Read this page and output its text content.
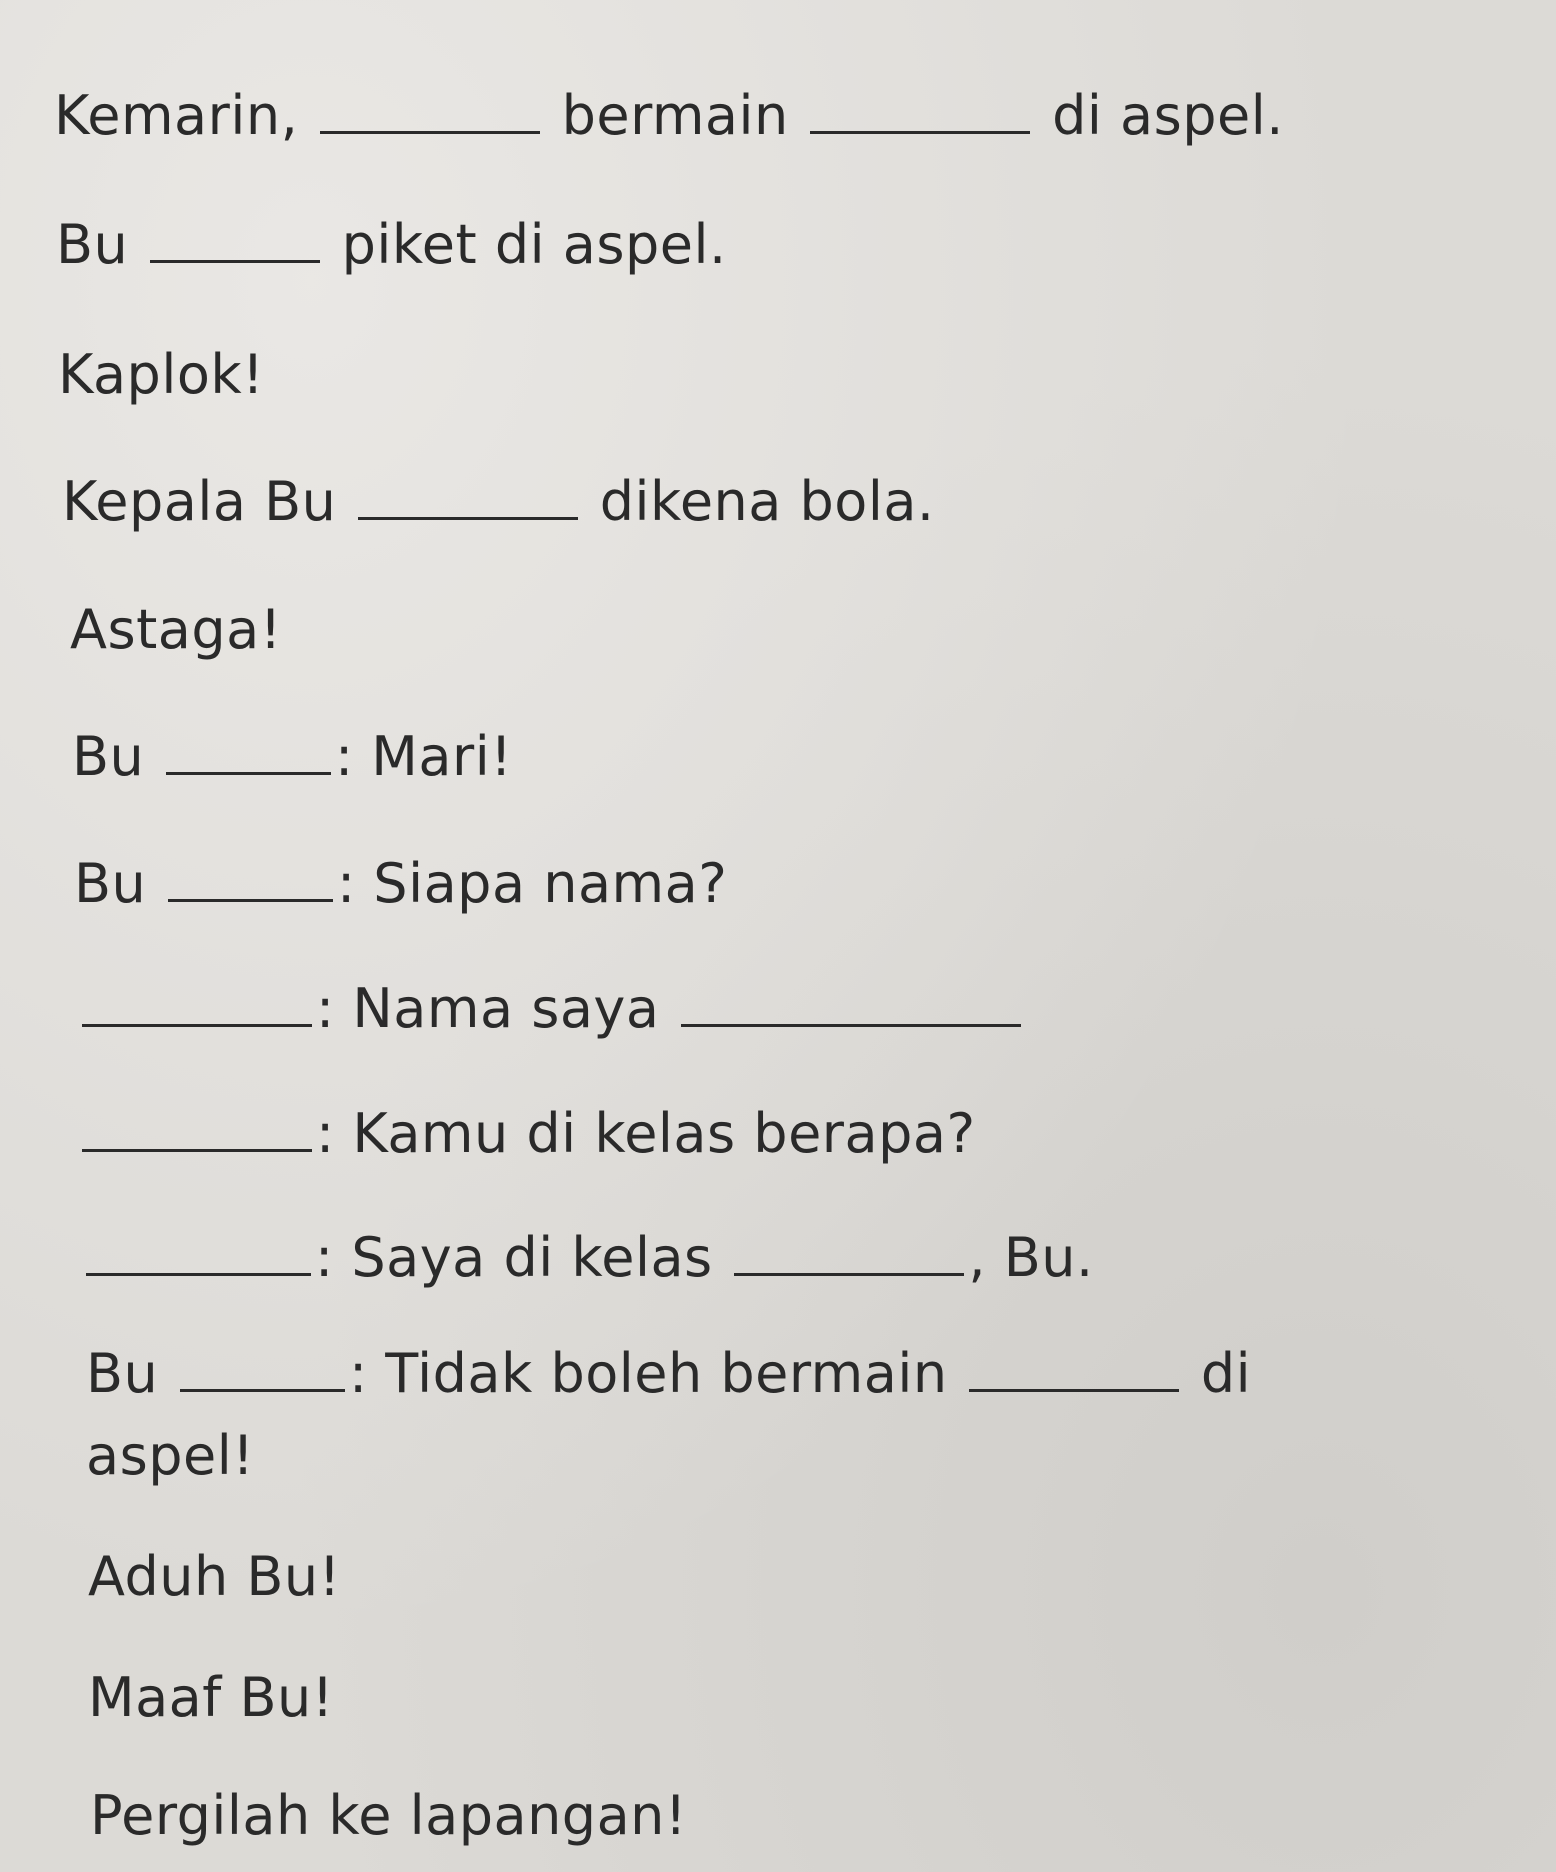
Kemarin,	bermain	di aspel.
Bu	piket di aspel.
Kaplok!
Kepala Bu	dikena bola.
Astaga!
Bu	: Mari!
Bu	: Siapa nama?
: Nama saya
: Kamu di kelas berapa?
: Saya di kelas	, Bu.
Bu	: Tidak boleh bermain	di
aspel!
Aduh Bu!
Maaf Bu!
Pergilah ke lapangan!
